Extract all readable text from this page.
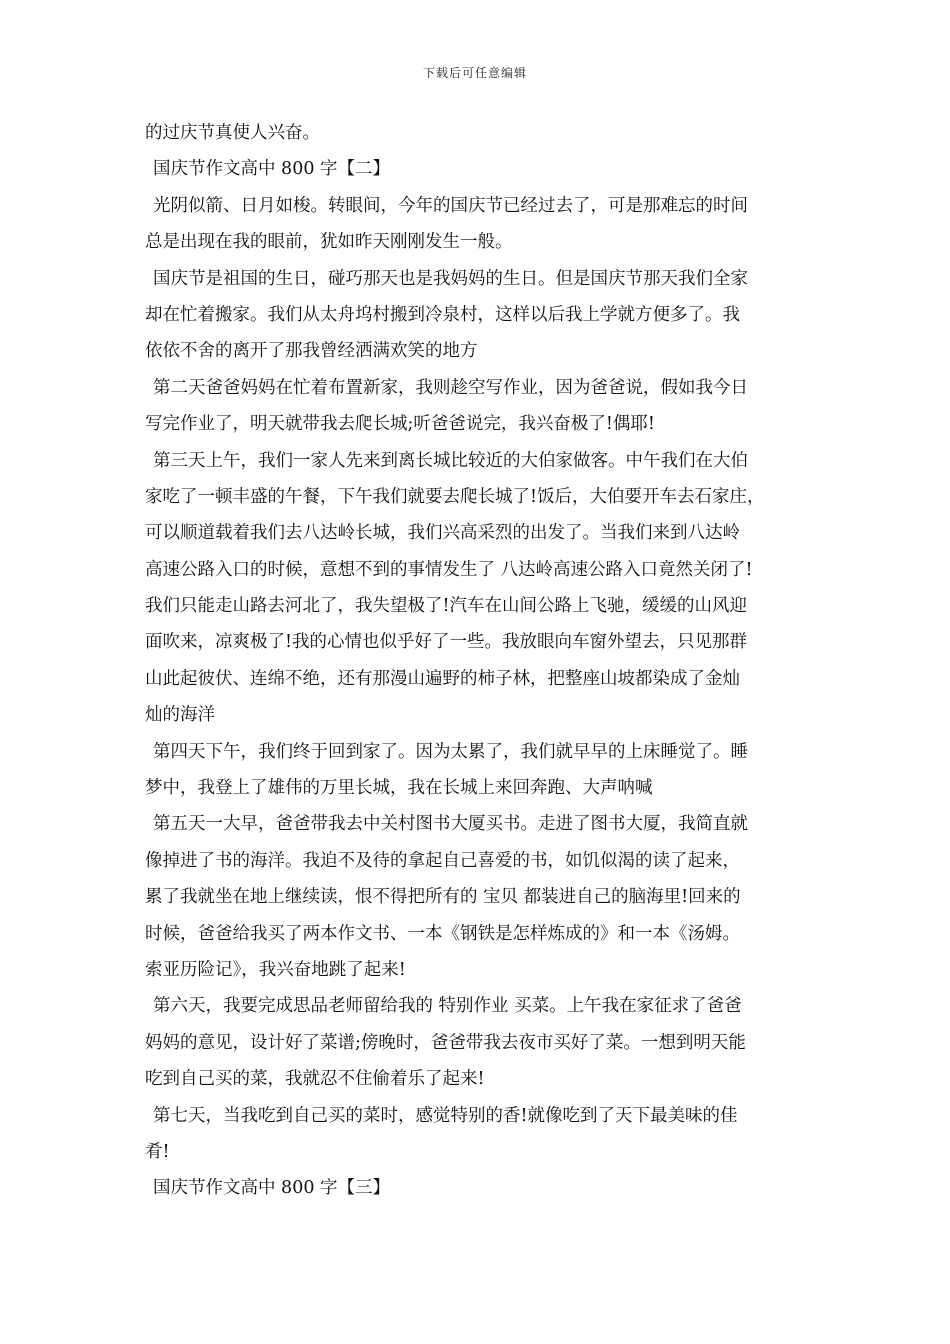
下载后可任意编辑
的过庆节真使人兴奋。
国庆节作文高中 800 字【二】
光阴似箭、日月如梭。转眼间，今年的国庆节已经过去了，可是那难忘的时间
总是出现在我的眼前，犹如昨天刚刚发生一般。
国庆节是祖国的生日，碰巧那天也是我妈妈的生日。但是国庆节那天我们全家
却在忙着搬家。我们从太舟坞村搬到冷泉村，这样以后我上学就方便多了。我
依依不舍的离开了那我曾经洒满欢笑的地方
第二天爸爸妈妈在忙着布置新家，我则趁空写作业，因为爸爸说，假如我今日
写完作业了，明天就带我去爬长城;听爸爸说完，我兴奋极了!偶耶!
第三天上午，我们一家人先来到离长城比较近的大伯家做客。中午我们在大伯
家吃了一顿丰盛的午餐，下午我们就要去爬长城了!饭后，大伯要开车去石家庄，
可以顺道载着我们去八达岭长城，我们兴高采烈的出发了。当我们来到八达岭
高速公路入口的时候，意想不到的事情发生了 八达岭高速公路入口竟然关闭了!
我们只能走山路去河北了，我失望极了!汽车在山间公路上飞驰，缓缓的山风迎
面吹来，凉爽极了!我的心情也似乎好了一些。我放眼向车窗外望去，只见那群
山此起彼伏、连绵不绝，还有那漫山遍野的柿子林，把整座山坡都染成了金灿
灿的海洋
第四天下午，我们终于回到家了。因为太累了，我们就早早的上床睡觉了。睡
梦中，我登上了雄伟的万里长城，我在长城上来回奔跑、大声呐喊
第五天一大早，爸爸带我去中关村图书大厦买书。走进了图书大厦，我简直就
像掉进了书的海洋。我迫不及待的拿起自己喜爱的书，如饥似渴的读了起来，
累了我就坐在地上继续读，恨不得把所有的 宝贝 都装进自己的脑海里!回来的
时候，爸爸给我买了两本作文书、一本《钢铁是怎样炼成的》和一本《汤姆。
索亚历险记》，我兴奋地跳了起来!
第六天，我要完成思品老师留给我的 特别作业 买菜。上午我在家征求了爸爸
妈妈的意见，设计好了菜谱;傍晚时，爸爸带我去夜市买好了菜。一想到明天能
吃到自己买的菜，我就忍不住偷着乐了起来!
第七天，当我吃到自己买的菜时，感觉特别的香!就像吃到了天下最美味的佳
肴!
国庆节作文高中 800 字【三】
